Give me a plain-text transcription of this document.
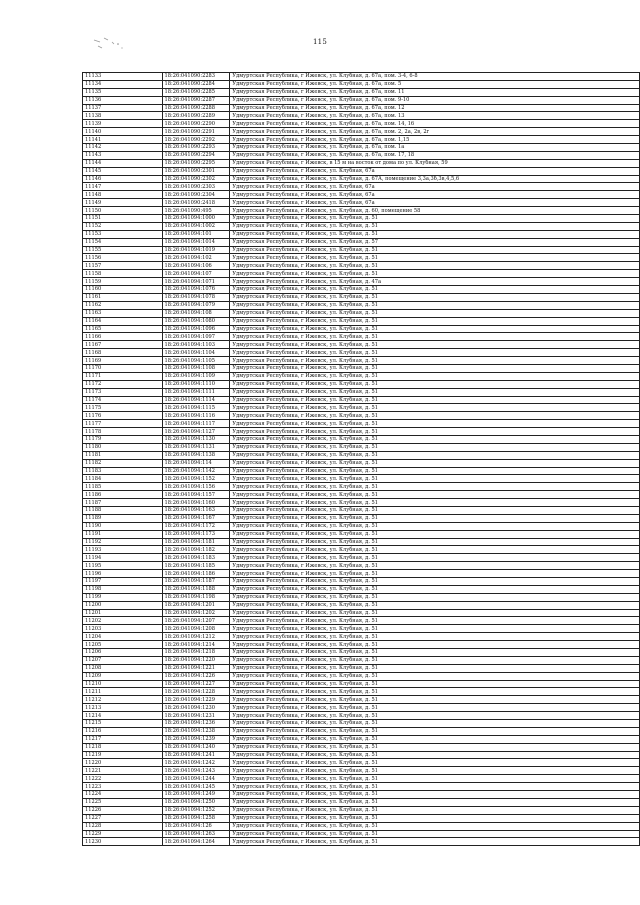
115
11133	18:26:041090:2283	Удмуртская Республика, г Ижевск, ул. Клубная, д. 67а, пом. 3-4, 6-8
11134	18:26:041090:2284	Удмуртская Республика, г Ижевск, ул. Клубная, д. 67а, пом. 5
11135	18:26:041090:2285	Удмуртская Республика, г Ижевск, ул. Клубная, д. 67а, пом. 11
11136	18:26:041090:2287	Удмуртская Республика, г Ижевск, ул. Клубная, д. 67а, пом. 9-10
11137	18:26:041090:2288	Удмуртская Республика, г Ижевск, ул. Клубная, д. 67а, пом. 12
11138	18:26:041090:2289	Удмуртская Республика, г Ижевск, ул. Клубная, д. 67а, пом. 13
11139	18:26:041090:2290	Удмуртская Республика, г Ижевск, ул. Клубная, д. 67а, пом. 14, 16
11140	18:26:041090:2291	Удмуртская Республика, г Ижевск, ул. Клубная, д. 67а, пом. 2, 2а, 2в, 2г
11141	18:26:041090:2292	Удмуртская Республика, г Ижевск, ул. Клубная, д. 67а, пом. 1,15
11142	18:26:041090:2293	Удмуртская Республика, г Ижевск, ул. Клубная, д. 67а, пом. 1а
11143	18:26:041090:2294	Удмуртская Республика, г Ижевск, ул. Клубная, д. 67а, пом. 17, 18
11144	18:26:041090:2295	Удмуртская Республика, г Ижевск, в 15 м на восток от дома по ул. Клубная, 59
11145	18:26:041090:2301	Удмуртская Республика, г Ижевск, ул. Клубная, 67а
11146	18:26:041090:2302	Удмуртская Республика, г Ижевск, ул. Клубная, д. 67А, помещение 3,3а,3б,3в,4,5,6
11147	18:26:041090:2303	Удмуртская Республика, г Ижевск, ул. Клубная, 67а
11148	18:26:041090:2304	Удмуртская Республика, г Ижевск, ул. Клубная, 67а
11149	18:26:041090:2418	Удмуртская Республика, г Ижевск, ул. Клубная, 67а
11150	18:26:041090:495	Удмуртская Республика, г Ижевск, ул. Клубная, д. 60, помещение 58
11151	18:26:041094:1000	Удмуртская Республика, г Ижевск, ул. Клубная, д. 51
11152	18:26:041094:1002	Удмуртская Республика, г Ижевск, ул. Клубная, д. 51
11153	18:26:041094:101	Удмуртская Республика, г Ижевск, ул. Клубная, д. 51
11154	18:26:041094:1014	Удмуртская Республика, г Ижевск, ул. Клубная, д. 57
11155	18:26:041094:1019	Удмуртская Республика, г Ижевск, ул. Клубная, д. 51
11156	18:26:041094:102	Удмуртская Республика, г Ижевск, ул. Клубная, д. 51
11157	18:26:041094:106	Удмуртская Республика, г Ижевск, ул. Клубная, д. 51
11158	18:26:041094:107	Удмуртская Республика, г Ижевск, ул. Клубная, д. 51
11159	18:26:041094:1071	Удмуртская Республика, г Ижевск, ул. Клубная, д. 47а
11160	18:26:041094:1076	Удмуртская Республика, г Ижевск, ул. Клубная, д. 51
11161	18:26:041094:1078	Удмуртская Республика, г Ижевск, ул. Клубная, д. 51
11162	18:26:041094:1079	Удмуртская Республика, г Ижевск, ул. Клубная, д. 51
11163	18:26:041094:108	Удмуртская Республика, г Ижевск, ул. Клубная, д. 51
11164	18:26:041094:1080	Удмуртская Республика, г Ижевск, ул. Клубная, д. 51
11165	18:26:041094:1096	Удмуртская Республика, г Ижевск, ул. Клубная, д. 51
11166	18:26:041094:1097	Удмуртская Республика, г Ижевск, ул. Клубная, д. 51
11167	18:26:041094:1103	Удмуртская Республика, г Ижевск, ул. Клубная, д. 51
11168	18:26:041094:1104	Удмуртская Республика, г Ижевск, ул. Клубная, д. 51
11169	18:26:041094:1105	Удмуртская Республика, г Ижевск, ул. Клубная, д. 51
11170	18:26:041094:1108	Удмуртская Республика, г Ижевск, ул. Клубная, д. 51
11171	18:26:041094:1109	Удмуртская Республика, г Ижевск, ул. Клубная, д. 51
11172	18:26:041094:1110	Удмуртская Республика, г Ижевск, ул. Клубная, д. 51
11173	18:26:041094:1111	Удмуртская Республика, г Ижевск, ул. Клубная, д. 51
11174	18:26:041094:1114	Удмуртская Республика, г Ижевск, ул. Клубная, д. 51
11175	18:26:041094:1115	Удмуртская Республика, г Ижевск, ул. Клубная, д. 51
11176	18:26:041094:1116	Удмуртская Республика, г Ижевск, ул. Клубная, д. 51
11177	18:26:041094:1117	Удмуртская Республика, г Ижевск, ул. Клубная, д. 51
11178	18:26:041094:1127	Удмуртская Республика, г Ижевск, ул. Клубная, д. 51
11179	18:26:041094:1130	Удмуртская Республика, г Ижевск, ул. Клубная, д. 51
11180	18:26:041094:1131	Удмуртская Республика, г Ижевск, ул. Клубная, д. 51
11181	18:26:041094:1138	Удмуртская Республика, г Ижевск, ул. Клубная, д. 51
11182	18:26:041094:114	Удмуртская Республика, г Ижевск, ул. Клубная, д. 51
11183	18:26:041094:1142	Удмуртская Республика, г Ижевск, ул. Клубная, д. 51
11184	18:26:041094:1152	Удмуртская Республика, г Ижевск, ул. Клубная, д. 51
11185	18:26:041094:1156	Удмуртская Республика, г Ижевск, ул. Клубная, д. 51
11186	18:26:041094:1157	Удмуртская Республика, г Ижевск, ул. Клубная, д. 51
11187	18:26:041094:1160	Удмуртская Республика, г Ижевск, ул. Клубная, д. 51
11188	18:26:041094:1163	Удмуртская Республика, г Ижевск, ул. Клубная, д. 51
11189	18:26:041094:1167	Удмуртская Республика, г Ижевск, ул. Клубная, д. 51
11190	18:26:041094:1172	Удмуртская Республика, г Ижевск, ул. Клубная, д. 51
11191	18:26:041094:1173	Удмуртская Республика, г Ижевск, ул. Клубная, д. 51
11192	18:26:041094:1181	Удмуртская Республика, г Ижевск, ул. Клубная, д. 51
11193	18:26:041094:1182	Удмуртская Республика, г Ижевск, ул. Клубная, д. 51
11194	18:26:041094:1183	Удмуртская Республика, г Ижевск, ул. Клубная, д. 51
11195	18:26:041094:1185	Удмуртская Республика, г Ижевск, ул. Клубная, д. 51
11196	18:26:041094:1186	Удмуртская Республика, г Ижевск, ул. Клубная, д. 51
11197	18:26:041094:1187	Удмуртская Республика, г Ижевск, ул. Клубная, д. 51
11198	18:26:041094:1188	Удмуртская Республика, г Ижевск, ул. Клубная, д. 51
11199	18:26:041094:1198	Удмуртская Республика, г Ижевск, ул. Клубная, д. 51
11200	18:26:041094:1201	Удмуртская Республика, г Ижевск, ул. Клубная, д. 51
11201	18:26:041094:1202	Удмуртская Республика, г Ижевск, ул. Клубная, д. 51
11202	18:26:041094:1207	Удмуртская Республика, г Ижевск, ул. Клубная, д. 51
11203	18:26:041094:1208	Удмуртская Республика, г Ижевск, ул. Клубная, д. 51
11204	18:26:041094:1212	Удмуртская Республика, г Ижевск, ул. Клубная, д. 51
11205	18:26:041094:1214	Удмуртская Республика, г Ижевск, ул. Клубная, д. 51
11206	18:26:041094:1218	Удмуртская Республика, г Ижевск, ул. Клубная, д. 51
11207	18:26:041094:1220	Удмуртская Республика, г Ижевск, ул. Клубная, д. 51
11208	18:26:041094:1221	Удмуртская Республика, г Ижевск, ул. Клубная, д. 51
11209	18:26:041094:1226	Удмуртская Республика, г Ижевск, ул. Клубная, д. 51
11210	18:26:041094:1227	Удмуртская Республика, г Ижевск, ул. Клубная, д. 51
11211	18:26:041094:1228	Удмуртская Республика, г Ижевск, ул. Клубная, д. 51
11212	18:26:041094:1229	Удмуртская Республика, г Ижевск, ул. Клубная, д. 51
11213	18:26:041094:1230	Удмуртская Республика, г Ижевск, ул. Клубная, д. 51
11214	18:26:041094:1231	Удмуртская Республика, г Ижевск, ул. Клубная, д. 51
11215	18:26:041094:1236	Удмуртская Республика, г Ижевск, ул. Клубная, д. 51
11216	18:26:041094:1238	Удмуртская Республика, г Ижевск, ул. Клубная, д. 51
11217	18:26:041094:1239	Удмуртская Республика, г Ижевск, ул. Клубная, д. 51
11218	18:26:041094:1240	Удмуртская Республика, г Ижевск, ул. Клубная, д. 51
11219	18:26:041094:1241	Удмуртская Республика, г Ижевск, ул. Клубная, д. 51
11220	18:26:041094:1242	Удмуртская Республика, г Ижевск, ул. Клубная, д. 51
11221	18:26:041094:1243	Удмуртская Республика, г Ижевск, ул. Клубная, д. 51
11222	18:26:041094:1244	Удмуртская Республика, г Ижевск, ул. Клубная, д. 51
11223	18:26:041094:1245	Удмуртская Республика, г Ижевск, ул. Клубная, д. 51
11224	18:26:041094:1249	Удмуртская Республика, г Ижевск, ул. Клубная, д. 51
11225	18:26:041094:1250	Удмуртская Республика, г Ижевск, ул. Клубная, д. 51
11226	18:26:041094:1252	Удмуртская Республика, г Ижевск, ул. Клубная, д. 51
11227	18:26:041094:1258	Удмуртская Республика, г Ижевск, ул. Клубная, д. 51
11228	18:26:041094:126	Удмуртская Республика, г Ижевск, ул. Клубная, д. 51
11229	18:26:041094:1263	Удмуртская Республика, г Ижевск, ул. Клубная, д. 51
11230	18:26:041094:1264	Удмуртская Республика, г Ижевск, ул. Клубная, д. 51
